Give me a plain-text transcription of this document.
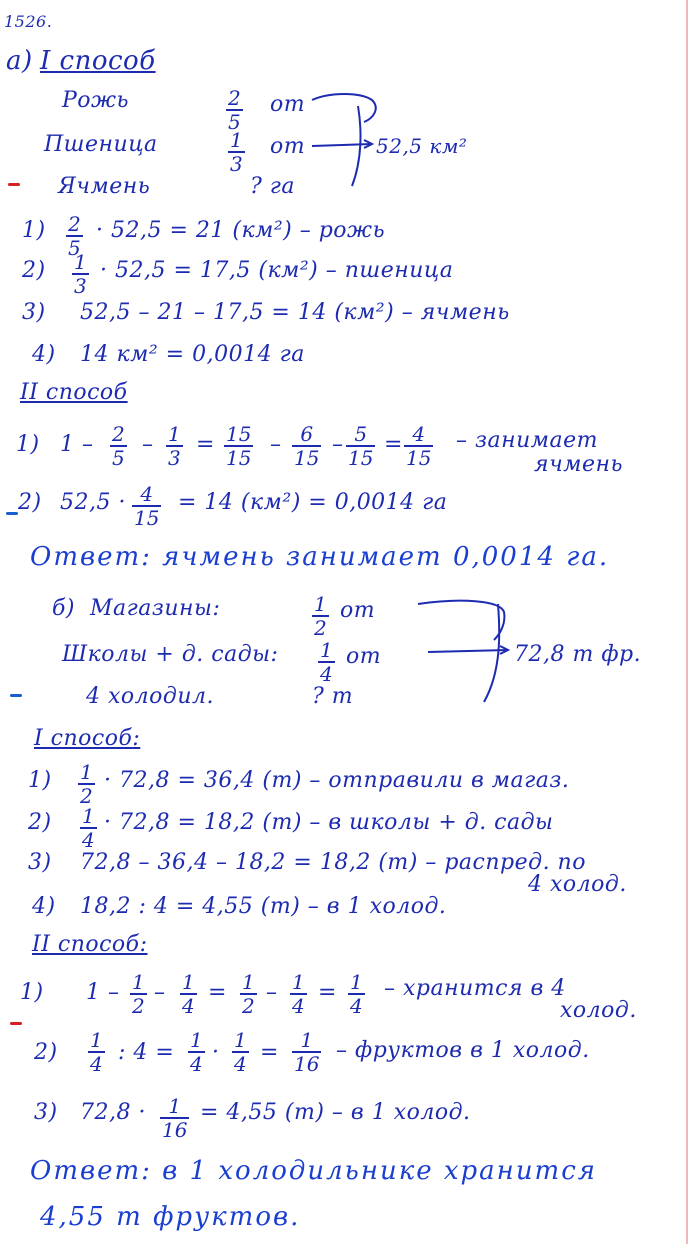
1526.
а) I способ
Рожь	2
5
от
Пшеница	1
3
от
Ячмень	? га
52,5 км²
1) 2
5
· 52,5 = 21 (км²) – рожь
2) 1
3
· 52,5 = 17,5 (км²) – пшеница
3) 52,5 – 21 – 17,5 = 14 (км²) – ячмень
4) 14 км² = 0,0014 га
II способ
1) 1 – 2
5
– 1
3
= 15
15
– 6
15
– 5
15
= 4
15
– занимает
ячмень
2) 52,5 · 4
15
= 14 (км²) = 0,0014 га
Ответ: ячмень занимает 0,0014 га.
б) Магазины:	1
2
от
Школы + д. сады: 1
4
от
4 холодил.	? т
72,8 т фр.
I способ:
1) 1
2
· 72,8 = 36,4 (т) – отправили в магаз.
2) 1
4
· 72,8 = 18,2 (т) – в школы + д. сады
3) 72,8 – 36,4 – 18,2 = 18,2 (т) – распред. по
4 холод.
4) 18,2 : 4 = 4,55 (т) – в 1 холод.
II способ:
1) 1 – 1
2
– 1
4
= 1
2
– 1
4
= 1
4
– хранится в 4
холод.
2) 1
4 : 4 = 1
4 · 1
4 = 1
16
– фруктов в 1 холод.
3) 72,8 · 1
16
= 4,55 (т) – в 1 холод.
Ответ: в 1 холодильнике хранится
4,55 т фруктов.
